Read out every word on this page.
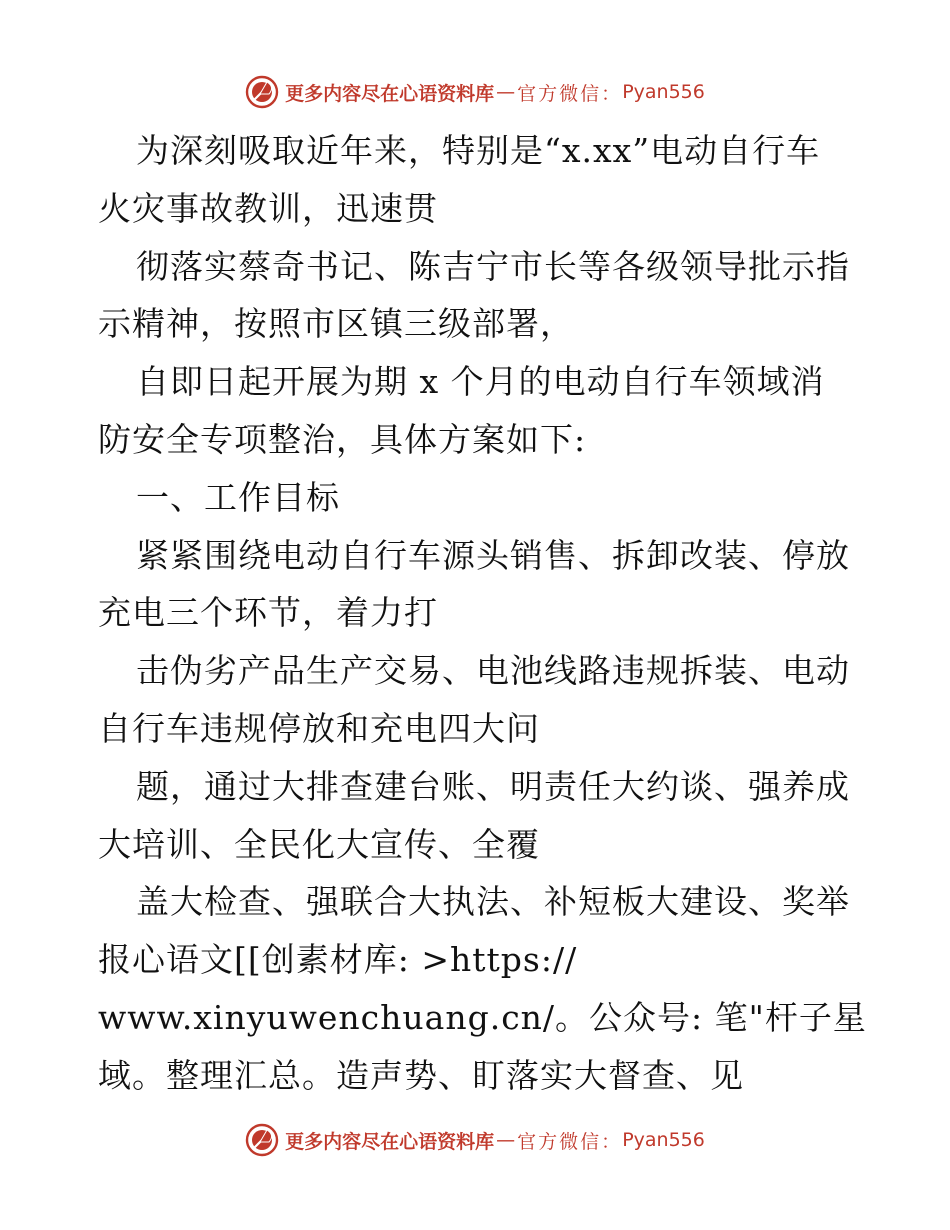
更多内容尽在心语资料库 — 官方微信： Pyan556
为深刻吸取近年来，特别是“x.xx”电动自行车
火灾事故教训，迅速贯
彻落实蔡奇书记、陈吉宁市长等各级领导批示指
示精神，按照市区镇三级部署，
自即日起开展为期 x 个月的电动自行车领域消
防安全专项整治，具体方案如下:
一、工作目标
紧紧围绕电动自行车源头销售、拆卸改装、停放
充电三个环节，着力打
击伪劣产品生产交易、电池线路违规拆装、电动
自行车违规停放和充电四大问
题，通过大排查建台账、明责任大约谈、强养成
大培训、全民化大宣传、全覆
盖大检查、强联合大执法、补短板大建设、奖举
报心语文[[创素材库: >https://
www.xinyuwenchuang.cn/。公众号: 笔"杆子星
域。整理汇总。造声势、盯落实大督查、见
更多内容尽在心语资料库 — 官方微信： Pyan556
